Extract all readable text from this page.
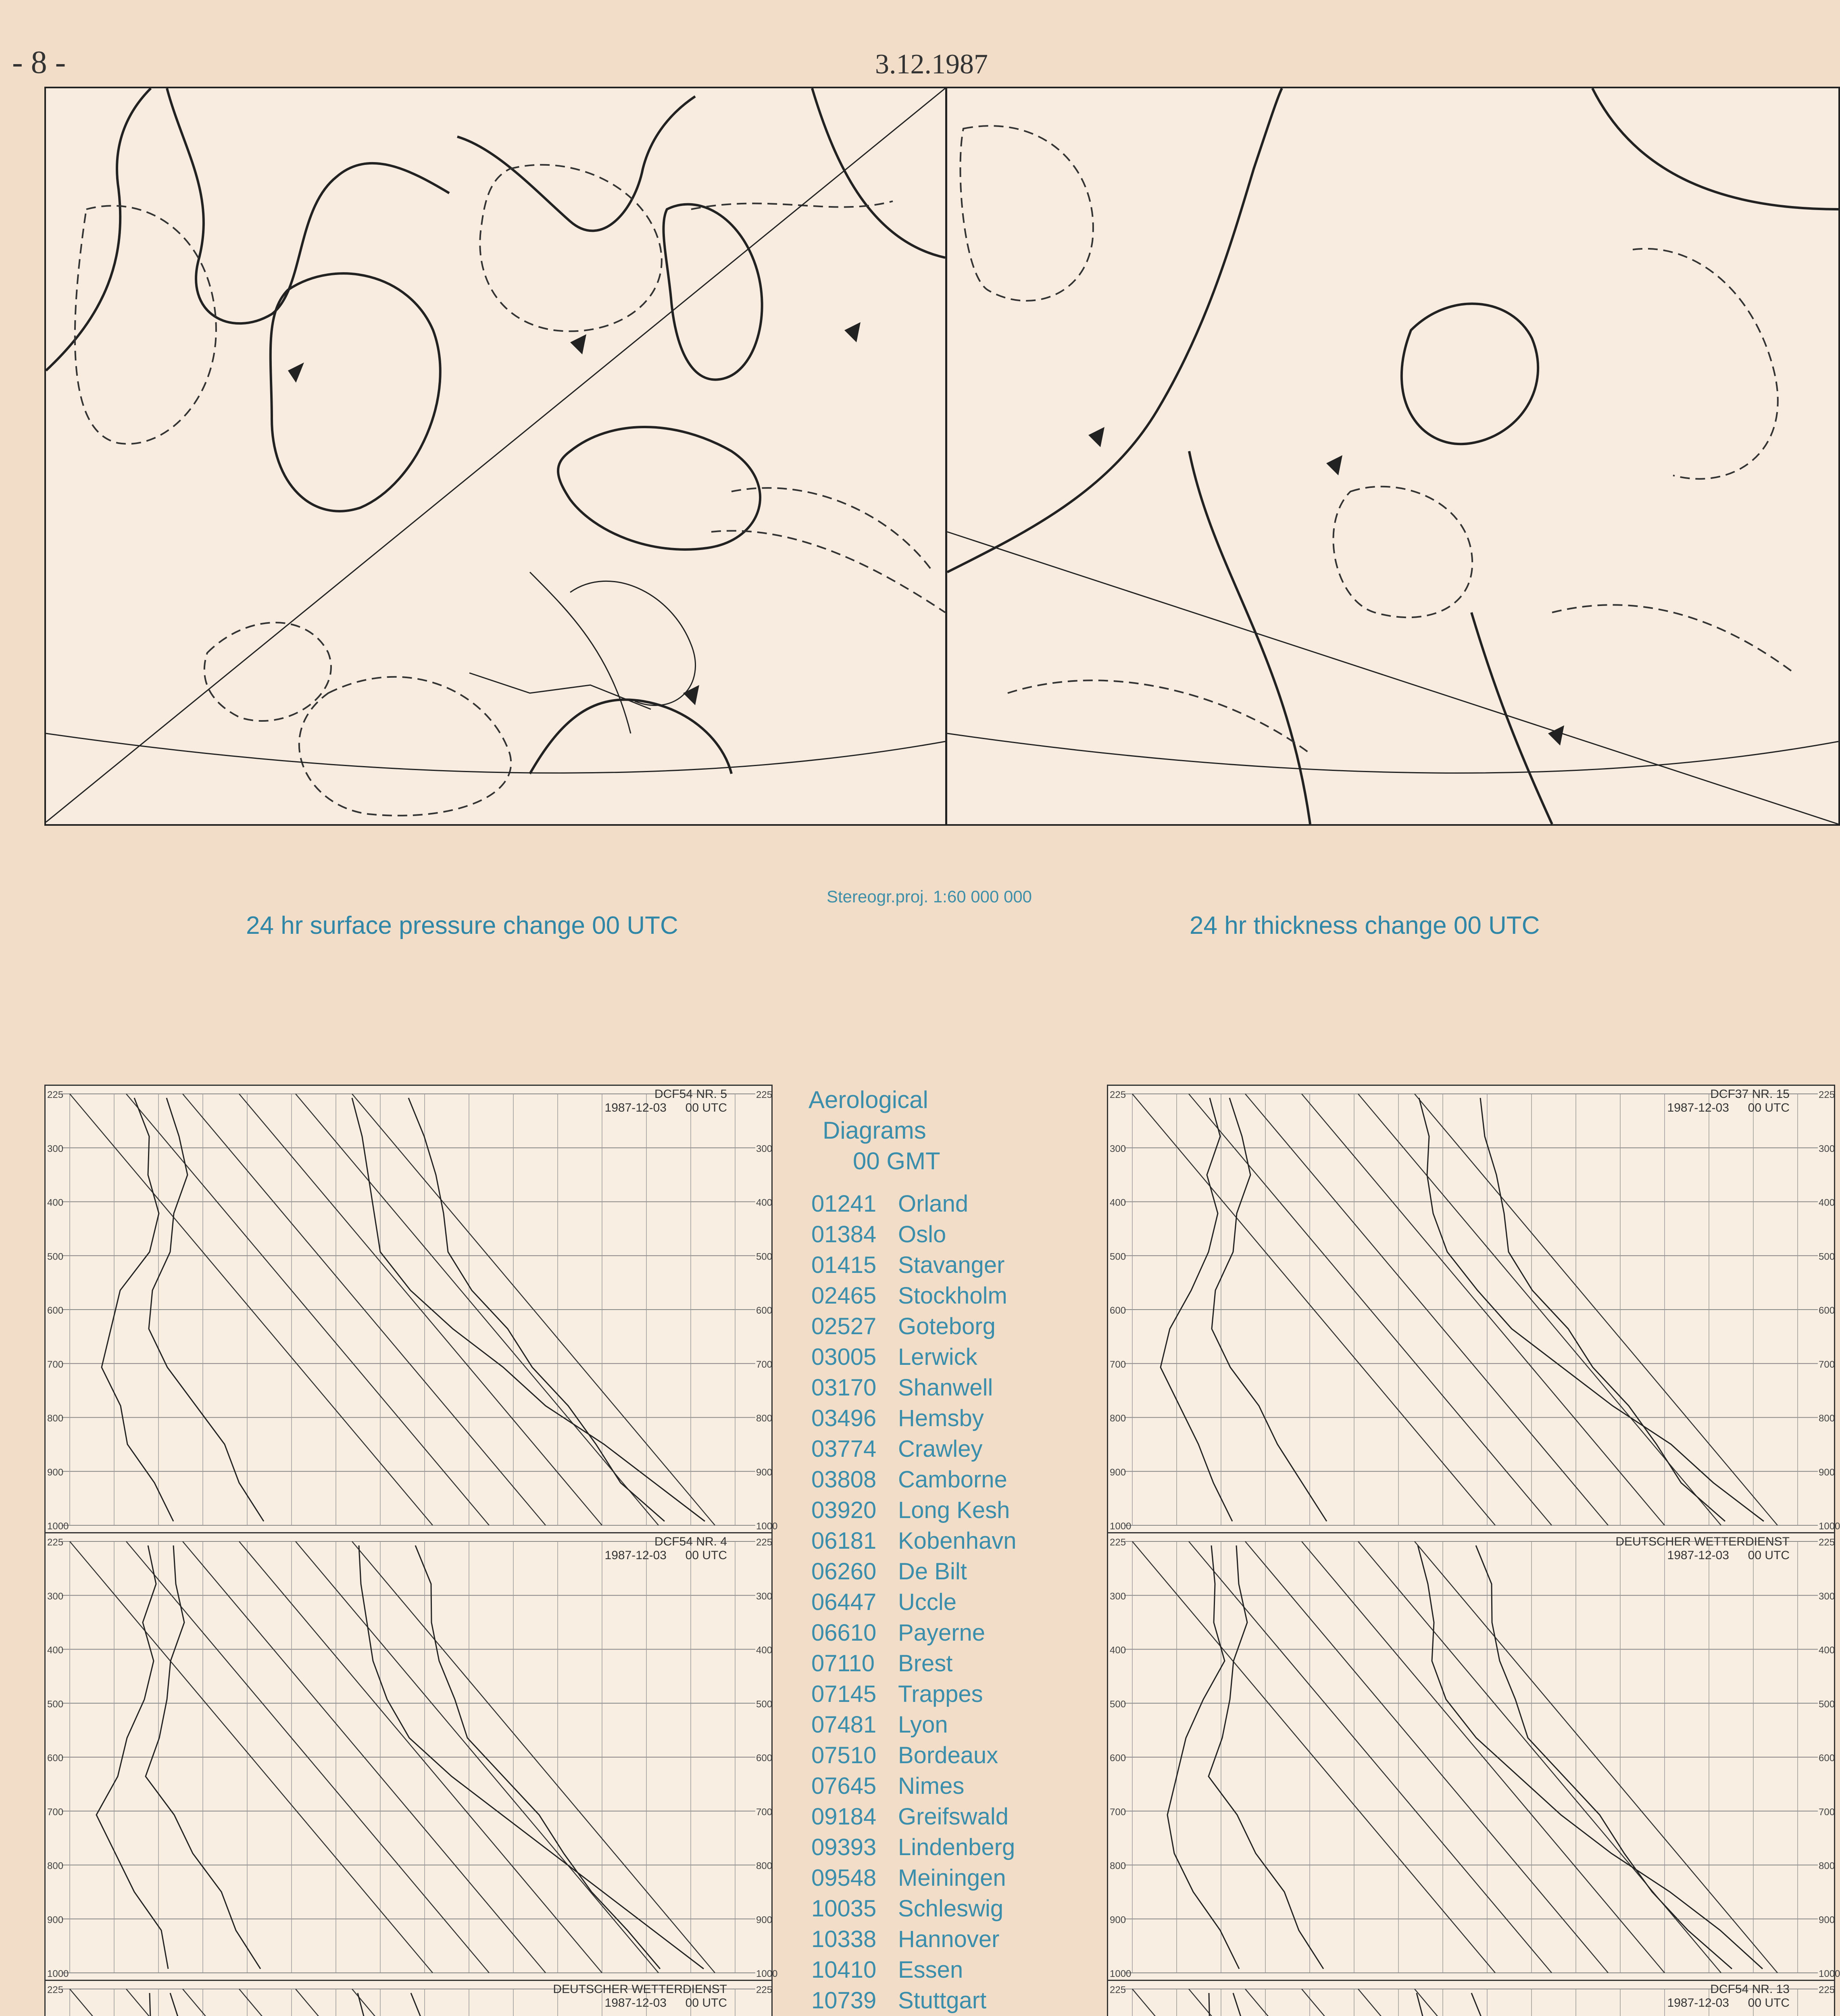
- 8 -	3.12.1987
Stereogr.proj. 1:60 000 000
24 hr surface pressure change 00 UTC	24 hr thickness change 00 UTC
225	225
300	300
400	400
500	500
600	600
700	700
800	800
900	900
1000	1000
DCF54 NR. 5
1987-12-03 00 UTC
225	225
300	300
400	400
500	500
600	600
700	700
800	800
900	900
1000	1000
DCF54 NR. 4
1987-12-03 00 UTC
225	225
DEUTSCHER WETTERDIENST
1987-12-03 00 UTC
225	225
300	300
400	400
500	500
600	600
700	700
800	800
900	900
1000	1000
DCF37 NR. 15
1987-12-03 00 UTC
225	225
300	300
400	400
500	500
600	600
700	700
800	800
900	900
1000	1000
DEUTSCHER WETTERDIENST
1987-12-03 00 UTC
225	225
DCF54 NR. 13
1987-12-03 00 UTC
Aerological
Diagrams
00 GMT
01241 Orland
01384 Oslo
01415 Stavanger
02465 Stockholm
02527 Goteborg
03005 Lerwick
03170 Shanwell
03496 Hemsby
03774 Crawley
03808 Camborne
03920 Long Kesh
06181 Kobenhavn
06260 De Bilt
06447 Uccle
06610 Payerne
07110	Brest
07145 Trappes
07481 Lyon
07510 Bordeaux
07645 Nimes
09184 Greifswald
09393 Lindenberg
09548 Meiningen
10035 Schleswig
10338 Hannover
10410 Essen
10739 Stuttgart
